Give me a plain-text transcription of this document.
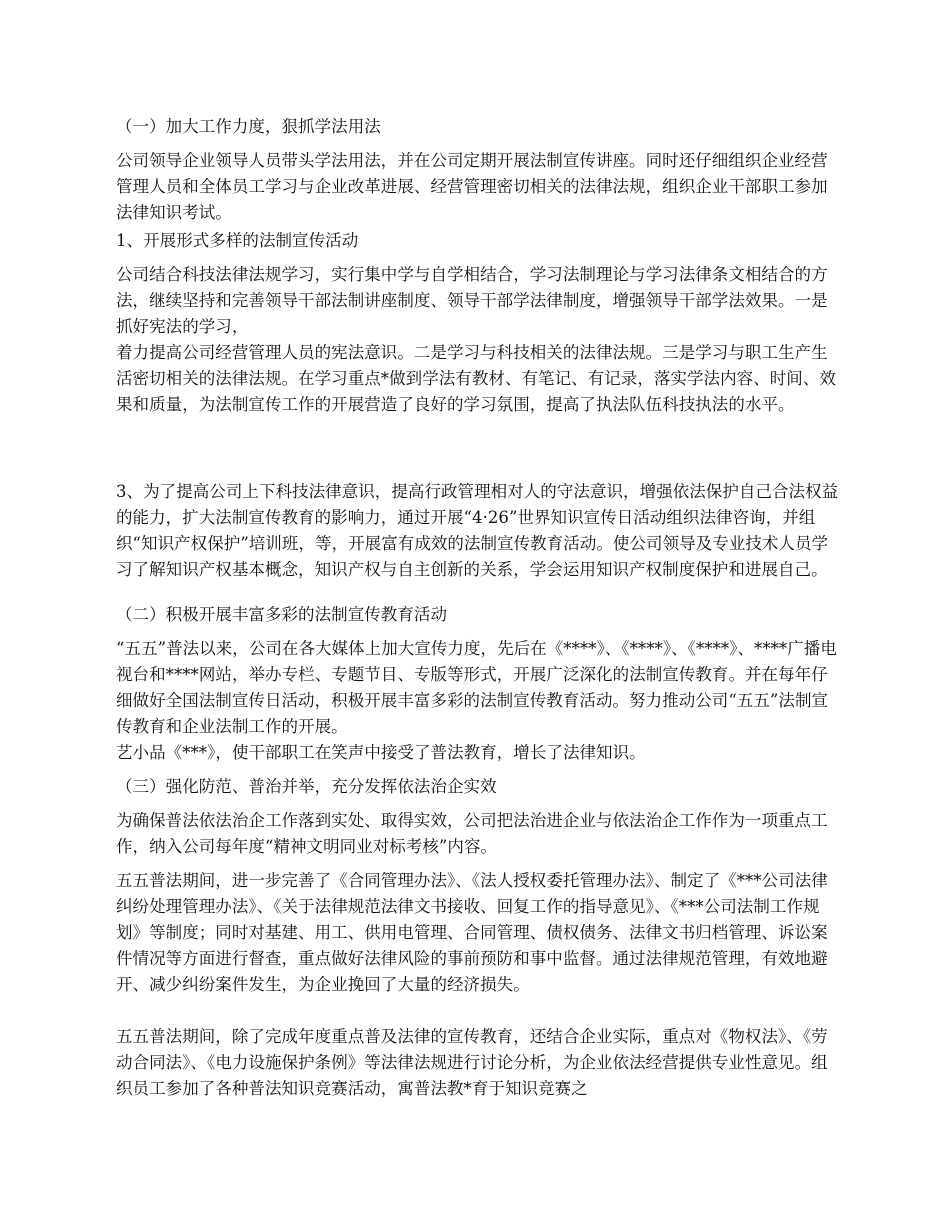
（一）加大工作力度，狠抓学法用法
公司领导企业领导人员带头学法用法，并在公司定期开展法制宣传讲座。同时还仔细组织企业经营管理人员和全体员工学习与企业改革进展、经营管理密切相关的法律法规，组织企业干部职工参加法律知识考试。
1、开展形式多样的法制宣传活动
公司结合科技法律法规学习，实行集中学与自学相结合，学习法制理论与学习法律条文相结合的方法，继续坚持和完善领导干部法制讲座制度、领导干部学法律制度，增强领导干部学法效果。一是抓好宪法的学习，
着力提高公司经营管理人员的宪法意识。二是学习与科技相关的法律法规。三是学习与职工生产生活密切相关的法律法规。在学习重点*做到学法有教材、有笔记、有记录，落实学法内容、时间、效果和质量，为法制宣传工作的开展营造了良好的学习氛围，提高了执法队伍科技执法的水平。
3、为了提高公司上下科技法律意识，提高行政管理相对人的守法意识，增强依法保护自己合法权益的能力，扩大法制宣传教育的影响力，通过开展“4·26”世界知识宣传日活动组织法律咨询，并组织“知识产权保护”培训班，等，开展富有成效的法制宣传教育活动。使公司领导及专业技术人员学习了解知识产权基本概念，知识产权与自主创新的关系，学会运用知识产权制度保护和进展自己。
（二）积极开展丰富多彩的法制宣传教育活动
“五五”普法以来，公司在各大媒体上加大宣传力度，先后在《****》、《****》、《****》、****广播电视台和****网站，举办专栏、专题节目、专版等形式，开展广泛深化的法制宣传教育。并在每年仔细做好全国法制宣传日活动，积极开展丰富多彩的法制宣传教育活动。努力推动公司“五五”法制宣传教育和企业法制工作的开展。
艺小品《***》，使干部职工在笑声中接受了普法教育，增长了法律知识。
（三）强化防范、普治并举，充分发挥依法治企实效
为确保普法依法治企工作落到实处、取得实效，公司把法治进企业与依法治企工作作为一项重点工作，纳入公司每年度“精神文明同业对标考核”内容。
五五普法期间，进一步完善了《合同管理办法》、《法人授权委托管理办法》、制定了《***公司法律纠纷处理管理办法》、《关于法律规范法律文书接收、回复工作的指导意见》、《***公司法制工作规划》等制度；同时对基建、用工、供用电管理、合同管理、债权债务、法律文书归档管理、诉讼案件情况等方面进行督查，重点做好法律风险的事前预防和事中监督。通过法律规范管理，有效地避开、减少纠纷案件发生，为企业挽回了大量的经济损失。
五五普法期间，除了完成年度重点普及法律的宣传教育，还结合企业实际，重点对《物权法》、《劳动合同法》、《电力设施保护条例》等法律法规进行讨论分析，为企业依法经营提供专业性意见。组织员工参加了各种普法知识竞赛活动，寓普法教*育于知识竞赛之
